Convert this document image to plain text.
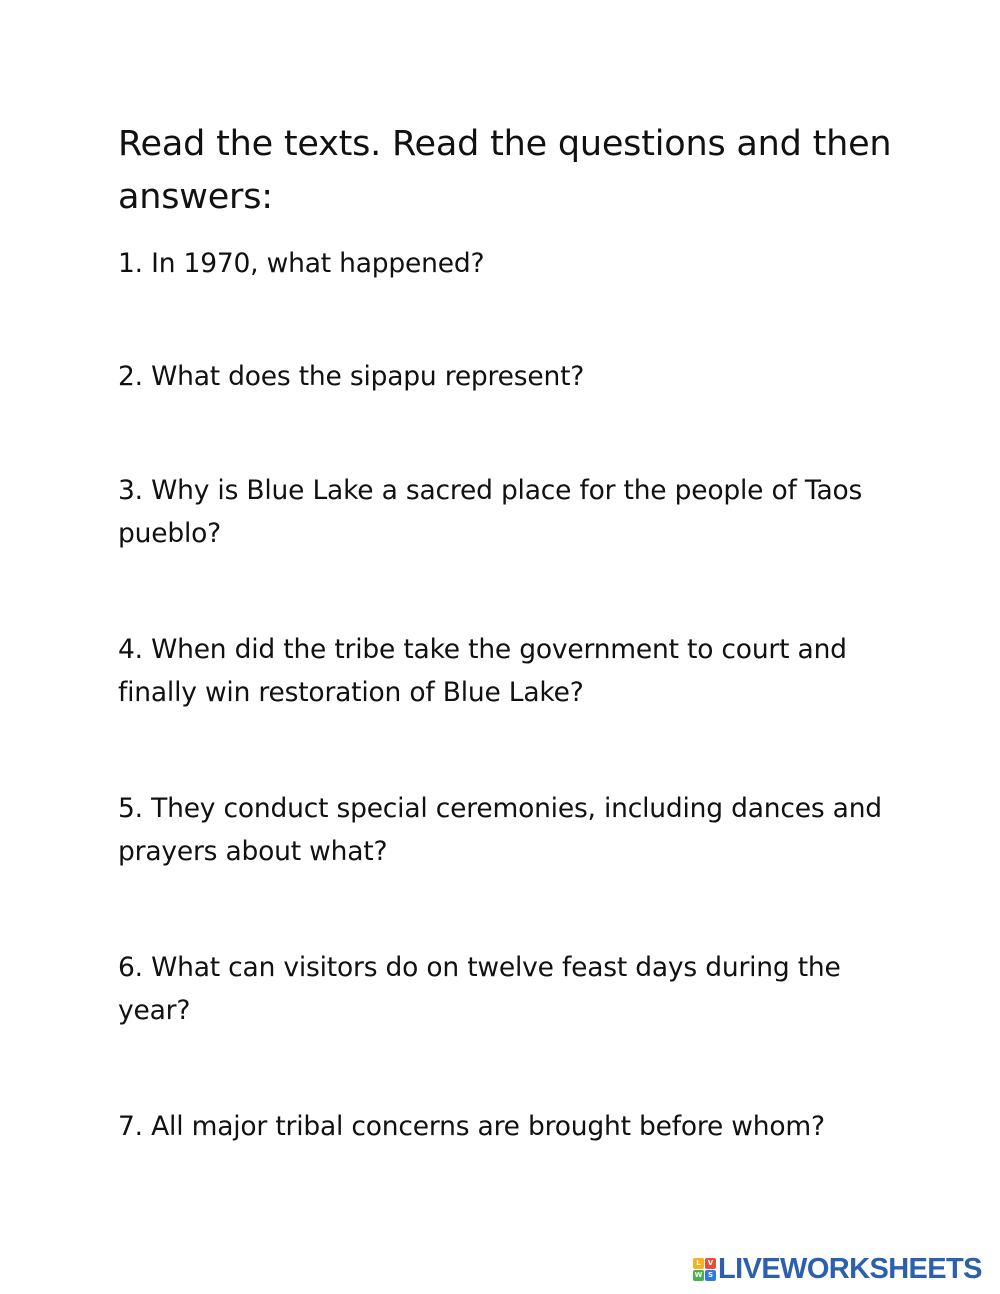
Read the texts. Read the questions and then answers:

1. In 1970, what happened?

2. What does the sipapu represent?

3. Why is Blue Lake a sacred place for the people of Taos pueblo?

4. When did the tribe take the government to court and finally win restoration of Blue Lake?

5. They conduct special ceremonies, including dances and prayers about what?

6. What can visitors do on twelve feast days during the year?

7. All major tribal concerns are brought before whom?

L	V
W S LIVEWORKSHEETS
